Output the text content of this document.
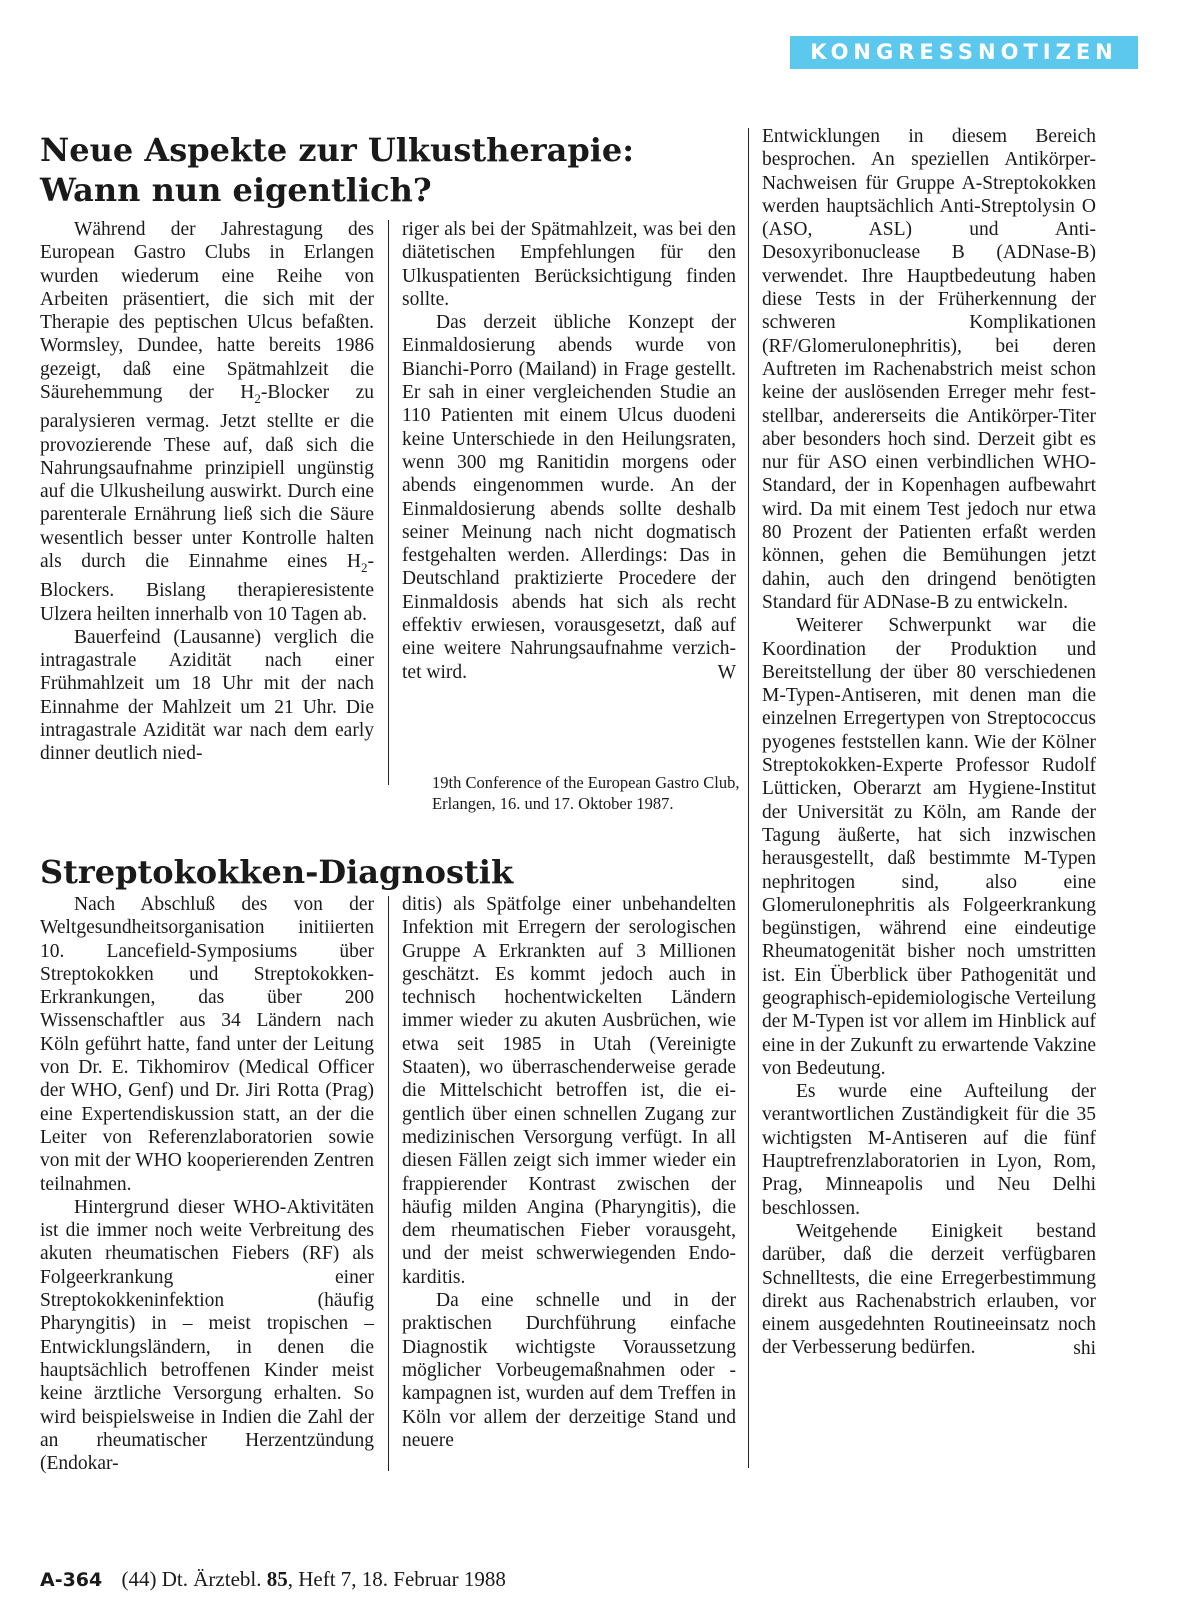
KONGRESSNOTIZEN
Neue Aspekte zur Ulkustherapie:
Wann nun eigentlich?

Während der Jahrestagung des European Gastro Clubs in Erlangen wurden wiederum eine Reihe von Arbeiten präsentiert, die sich mit der Therapie des peptischen Ulcus befaßten. Wormsley, Dundee, hatte bereits 1986 gezeigt, daß eine Spätmahlzeit die Säurehemmung der $H_2$-Blocker zu paralysieren vermag. Jetzt stellte er die provozierende These auf, daß sich die Nahrungsaufnahme prinzipiell ungünstig auf die Ulkusheilung auswirkt. Durch eine parenterale Ernährung ließ sich die Säure wesentlich besser unter Kontrolle halten als durch die Einnahme eines $H_2$-Blockers. Bislang therapieresistente Ulzera heilten innerhalb von 10 Tagen ab.

Bauerfeind (Lausanne) verglich die intragastrale Azidität nach einer Frühmahlzeit um 18 Uhr mit der nach Einnahme der Mahlzeit um 21 Uhr. Die intragastrale Azidität war nach dem early dinner deutlich nied-

riger als bei der Spätmahlzeit, was bei den diätetischen Empfehlungen für den Ulkuspatienten Berücksichtigung finden sollte.

Das derzeit übliche Konzept der Einmaldosierung abends wurde von Bianchi-Porro (Mailand) in Frage gestellt. Er sah in einer vergleichenden Studie an 110 Patienten mit einem Ulcus duodeni keine Unterschiede in den Heilungsraten, wenn 300 mg Ranitidin morgens oder abends eingenommen wurde. An der Einmaldosierung abends sollte deshalb seiner Meinung nach nicht dogmatisch festgehalten werden. Allerdings: Das in Deutschland praktizierte Procedere der Einmaldosis abends hat sich als recht effektiv erwiesen, vorausgesetzt, daß auf eine weitere Nahrungsaufnahme verzichtet wird.	W
19th Conference of the European Gastro Club, Erlangen, 16. und 17. Oktober 1987.
Streptokokken-Diagnostik

Nach Abschluß des von der Weltgesundheitsorganisation initiierten 10. Lancefield-Symposiums über Streptokokken und Streptokokken-Erkrankungen, das über 200 Wissenschaftler aus 34 Ländern nach Köln geführt hatte, fand unter der Leitung von Dr. E. Tikhomirov (Medical Officer der WHO, Genf) und Dr. Jiri Rotta (Prag) eine Expertendiskussion statt, an der die Leiter von Referenzlaboratorien sowie von mit der WHO kooperierenden Zentren teilnahmen.

Hintergrund dieser WHO-Aktivitäten ist die immer noch weite Verbreitung des akuten rheumatischen Fiebers (RF) als Folgeerkrankung einer Streptokokkeninfektion (häufig Pharyngitis) in – meist tropischen – Entwicklungsländern, in denen die hauptsächlich betroffenen Kinder meist keine ärztliche Versorgung erhalten. So wird beispielsweise in Indien die Zahl der an rheumatischer Herzentzündung (Endokar-

ditis) als Spätfolge einer unbehandelten Infektion mit Erregern der serologischen Gruppe A Erkrankten auf 3 Millionen geschätzt. Es kommt jedoch auch in technisch hochentwickelten Ländern immer wieder zu akuten Ausbrüchen, wie etwa seit 1985 in Utah (Vereinigte Staaten), wo überraschenderweise gerade die Mittelschicht betroffen ist, die eigentlich über einen schnellen Zugang zur medizinischen Versorgung verfügt. In all diesen Fällen zeigt sich immer wieder ein frappierender Kontrast zwischen der häufig milden Angina (Pharyngitis), die dem rheumatischen Fieber vorausgeht, und der meist schwerwiegenden Endokarditis.

Da eine schnelle und in der praktischen Durchführung einfache Diagnostik wichtigste Voraussetzung möglicher Vorbeugemaßnahmen oder -kampagnen ist, wurden auf dem Treffen in Köln vor allem der derzeitige Stand und neuere

Entwicklungen in diesem Bereich besprochen. An speziellen Antikörper-Nachweisen für Gruppe A-Streptokokken werden hauptsächlich Anti-Streptolysin O (ASO, ASL) und Anti-Desoxyribonuclease B (ADNase-B) verwendet. Ihre Hauptbedeutung haben diese Tests in der Früherkennung der schweren Komplikationen (RF/Glomerulonephritis), bei deren Auftreten im Rachenabstrich meist schon keine der auslösenden Erreger mehr feststellbar, andererseits die Antikörper-Titer aber besonders hoch sind. Derzeit gibt es nur für ASO einen verbindlichen WHO-Standard, der in Kopenhagen aufbewahrt wird. Da mit einem Test jedoch nur etwa 80 Prozent der Patienten erfaßt werden können, gehen die Bemühungen jetzt dahin, auch den dringend benötigten Standard für ADNase-B zu entwickeln.

Weiterer Schwerpunkt war die Koordination der Produktion und Bereitstellung der über 80 verschiedenen M-Typen-Antiseren, mit denen man die einzelnen Erregertypen von Streptococcus pyogenes feststellen kann. Wie der Kölner Streptokokken-Experte Professor Rudolf Lütticken, Oberarzt am Hygiene-Institut der Universität zu Köln, am Rande der Tagung äußerte, hat sich inzwischen herausgestellt, daß bestimmte M-Typen nephritogen sind, also eine Glomerulonephritis als Folgeerkrankung begünstigen, während eine eindeutige Rheumatogenität bisher noch umstritten ist. Ein Überblick über Pathogenität und geographisch-epidemiologische Verteilung der M-Typen ist vor allem im Hinblick auf eine in der Zukunft zu erwartende Vakzine von Bedeutung.

Es wurde eine Aufteilung der verantwortlichen Zuständigkeit für die 35 wichtigsten M-Antiseren auf die fünf Hauptrefrenzlaboratorien in Lyon, Rom, Prag, Minneapolis und Neu Delhi beschlossen.

Weitgehende Einigkeit bestand darüber, daß die derzeit verfügbaren Schnelltests, die eine Erregerbestimmung direkt aus Rachenabstrich erlauben, vor einem ausgedehnten Routineeinsatz noch der Verbesserung bedürfen.	shi
A-364 (44) Dt. Ärztebl. 85, Heft 7, 18. Februar 1988
